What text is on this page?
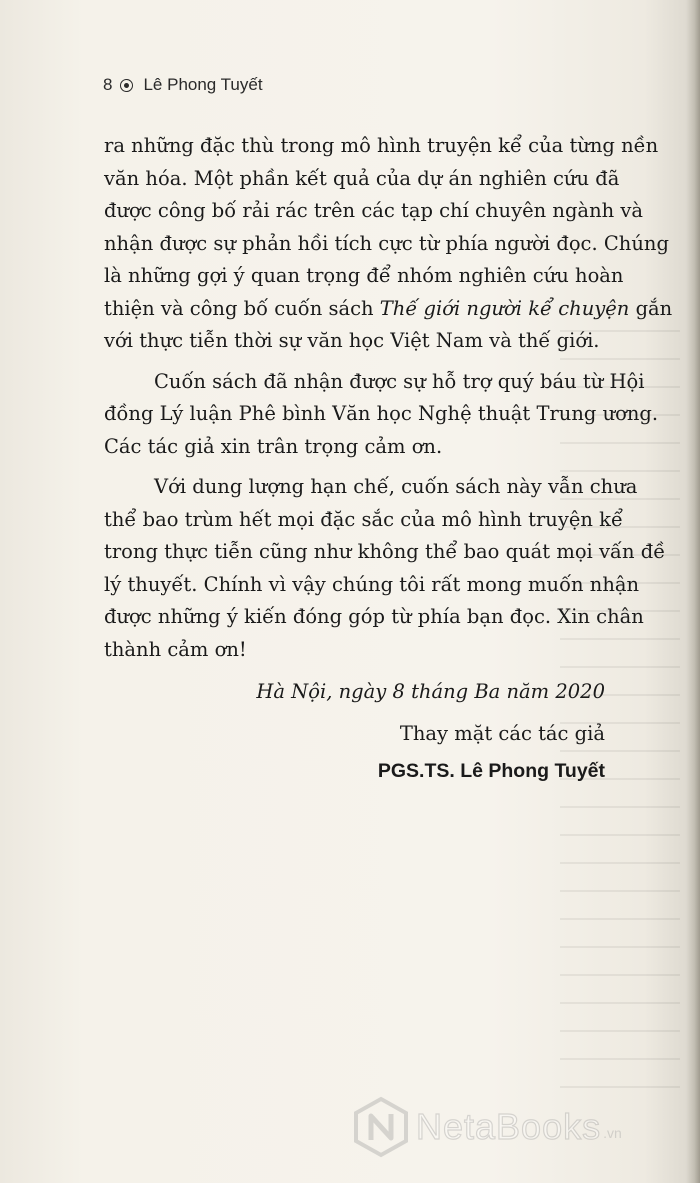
8 Lê Phong Tuyết
ra những đặc thù trong mô hình truyện kể của từng nền
văn hóa. Một phần kết quả của dự án nghiên cứu đã
được công bố rải rác trên các tạp chí chuyên ngành và
nhận được sự phản hồi tích cực từ phía người đọc. Chúng
là những gợi ý quan trọng để nhóm nghiên cứu hoàn
thiện và công bố cuốn sách Thế giới người kể chuyện gắn
với thực tiễn thời sự văn học Việt Nam và thế giới.
Cuốn sách đã nhận được sự hỗ trợ quý báu từ Hội
đồng Lý luận Phê bình Văn học Nghệ thuật Trung ương.
Các tác giả xin trân trọng cảm ơn.
Với dung lượng hạn chế, cuốn sách này vẫn chưa
thể bao trùm hết mọi đặc sắc của mô hình truyện kể
trong thực tiễn cũng như không thể bao quát mọi vấn đề
lý thuyết. Chính vì vậy chúng tôi rất mong muốn nhận
được những ý kiến đóng góp từ phía bạn đọc. Xin chân
thành cảm ơn!
Hà Nội, ngày 8 tháng Ba năm 2020
Thay mặt các tác giả
PGS.TS. Lê Phong Tuyết
NetaBooks .vn
